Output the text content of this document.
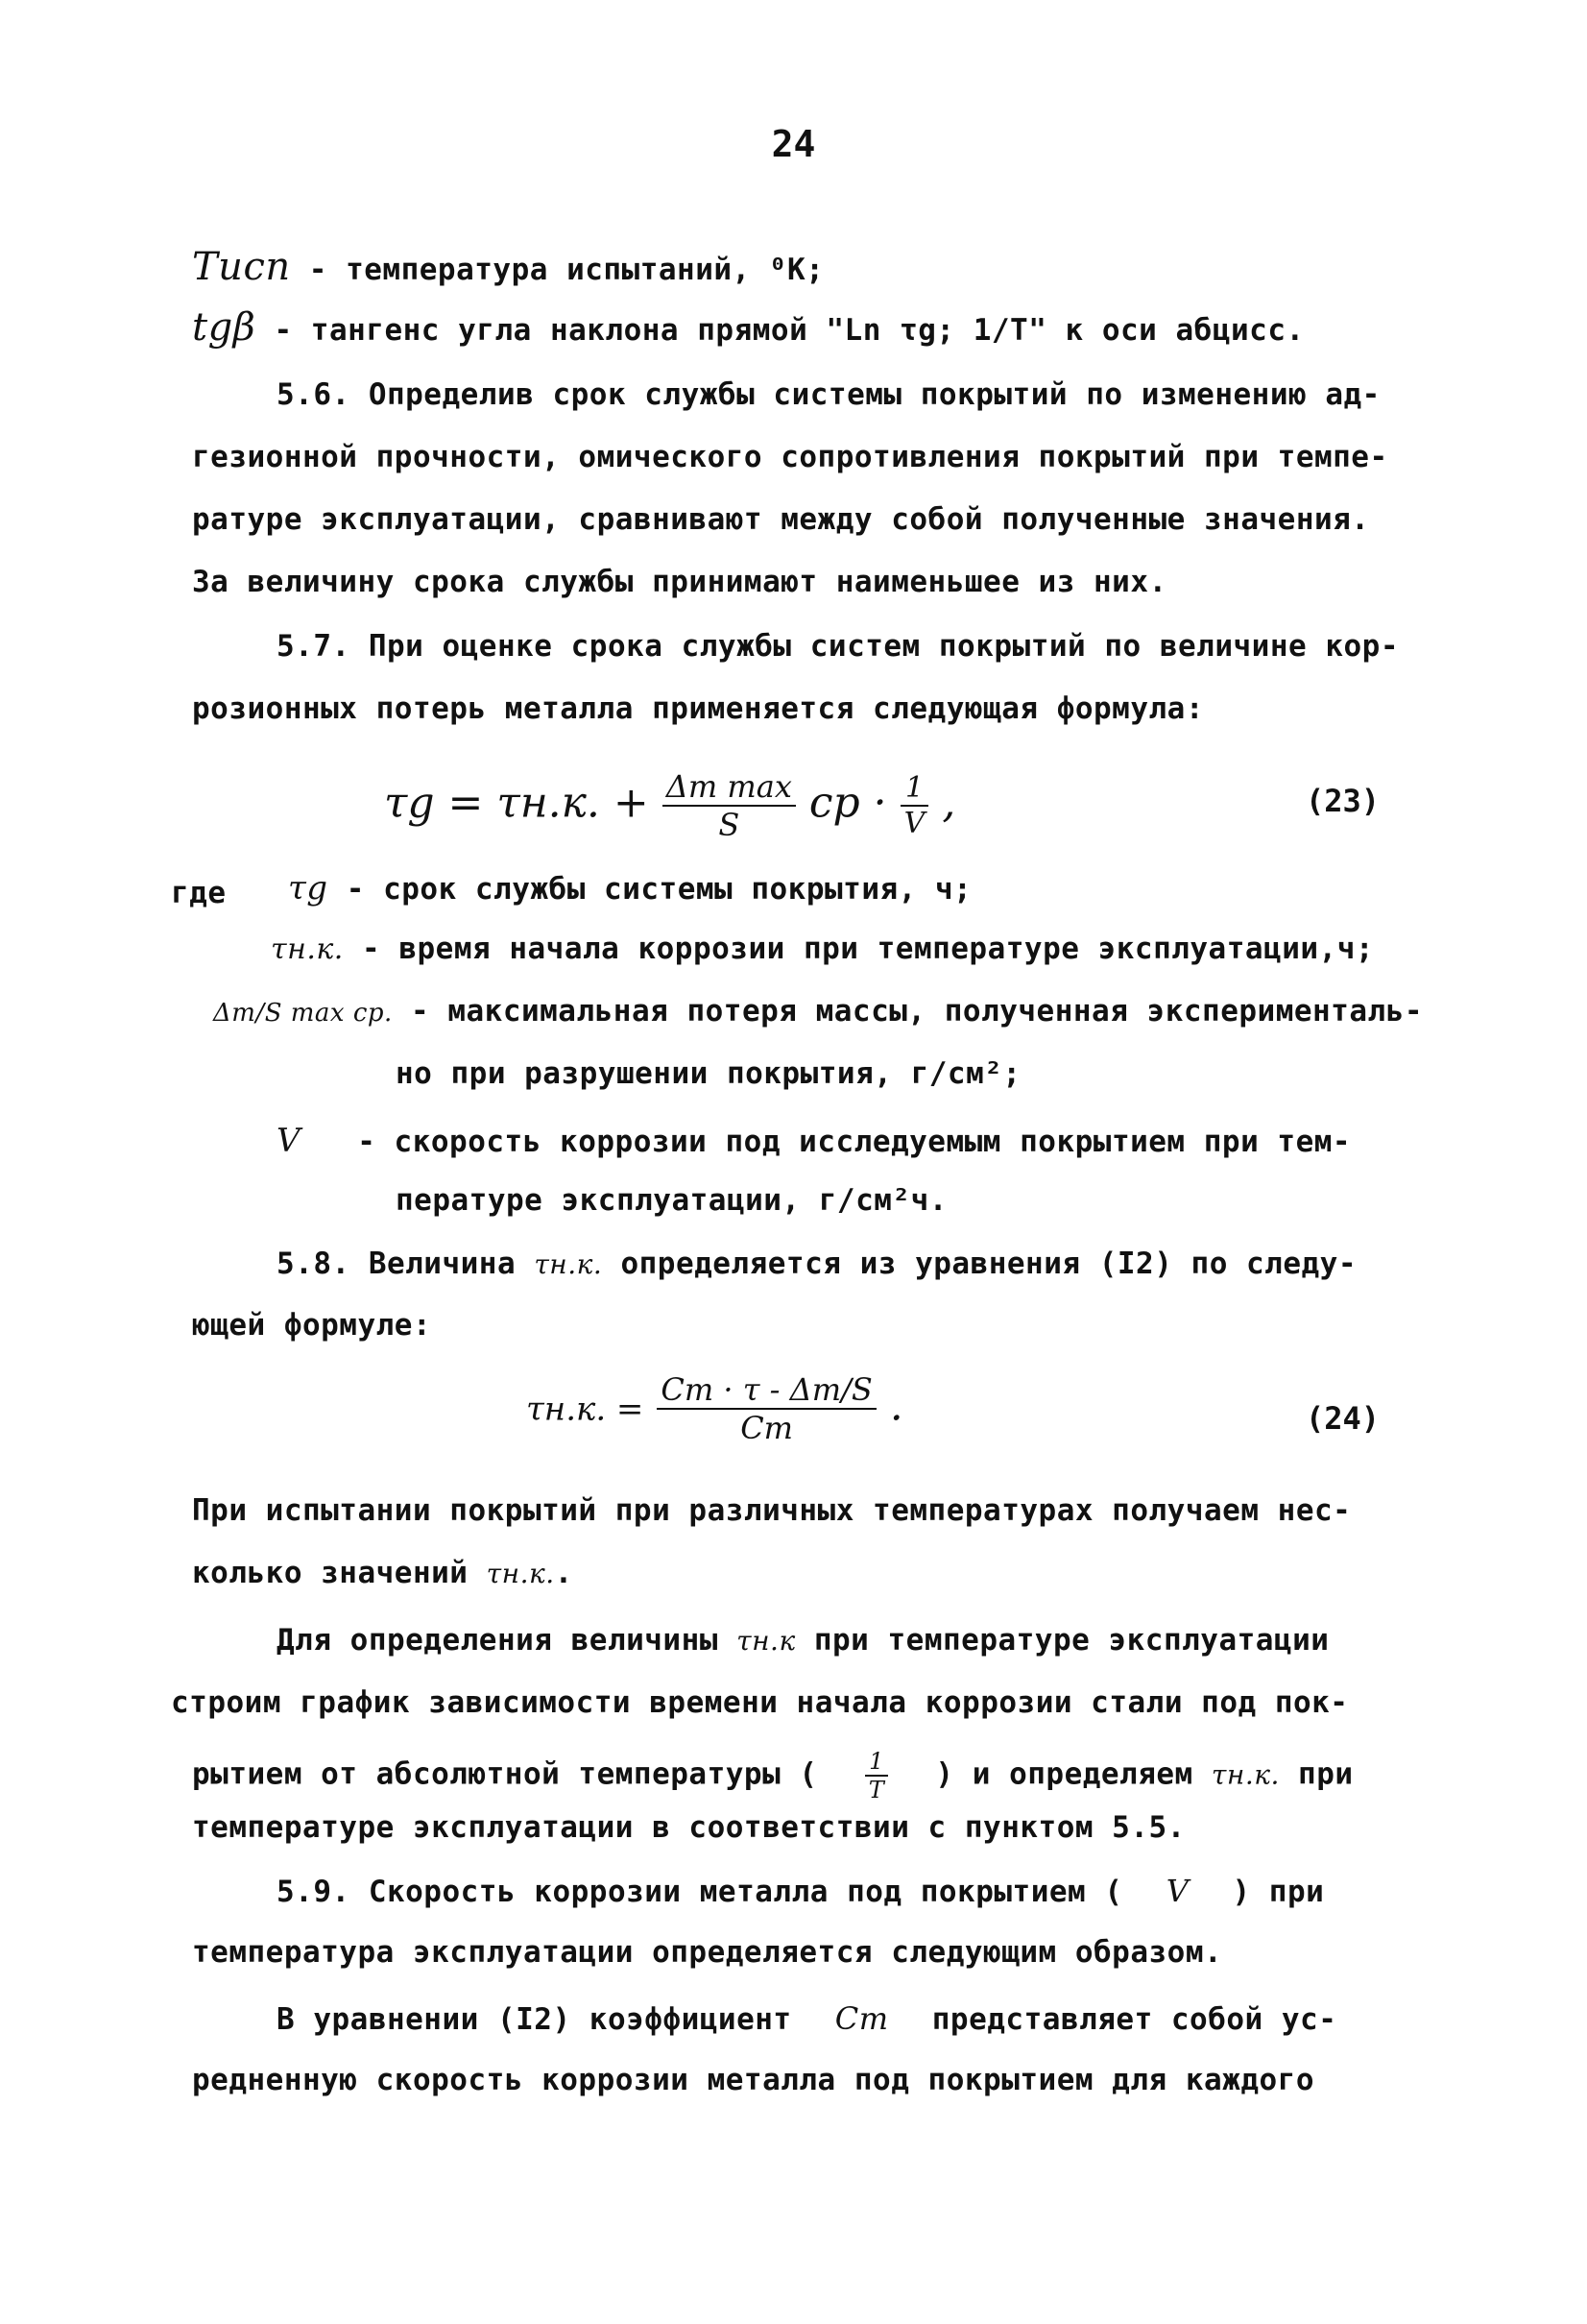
24
Tисп - температура испытаний, ⁰K;
tgβ - тангенс угла наклона прямой "Ln τg; 1/T" к оси абцисс.
5.6. Определив срок службы системы покрытий по изменению ад-
гезионной прочности, омического сопротивления покрытий при темпе-
ратуре эксплуатации, сравнивают между собой полученные значения.
За величину срока службы принимают наименьшее из них.
5.7. При оценке срока службы систем покрытий по величине кор-
розионных потерь металла применяется следующая формула:
τg = τн.к. + $\frac{\text{Δm max}}{S}$ ср · $\frac{1}{V}$ ,	(23)
где τg - срок службы системы покрытия, ч;
τн.к. - время начала коррозии при температуре эксплуатации,ч;
Δm/S max ср. - максимальная потеря массы, полученная эксперименталь-
но при разрушении покрытия, г/см²;
V - скорость коррозии под исследуемым покрытием при тем-
пературе эксплуатации, г/см²ч.
5.8. Величина τн.к. определяется из уравнения (I2) по следу-
ющей формуле:
τн.к. = $\frac{Cm \cdot \tau - \Delta m/S}{Cm}$ .	(24)
При испытании покрытий при различных температурах получаем нес-
колько значений τн.к..
Для определения величины τн.к при температуре эксплуатации
строим график зависимости времени начала коррозии стали под пок-
рытием от абсолютной температуры ( $\frac{1}{T}$ ) и определяем τн.к. при
температуре эксплуатации в соответствии с пунктом 5.5.
5.9. Скорость коррозии металла под покрытием ( V ) при
температура эксплуатации определяется следующим образом.
В уравнении (I2) коэффициент Cm представляет собой ус-
редненную скорость коррозии металла под покрытием для каждого
